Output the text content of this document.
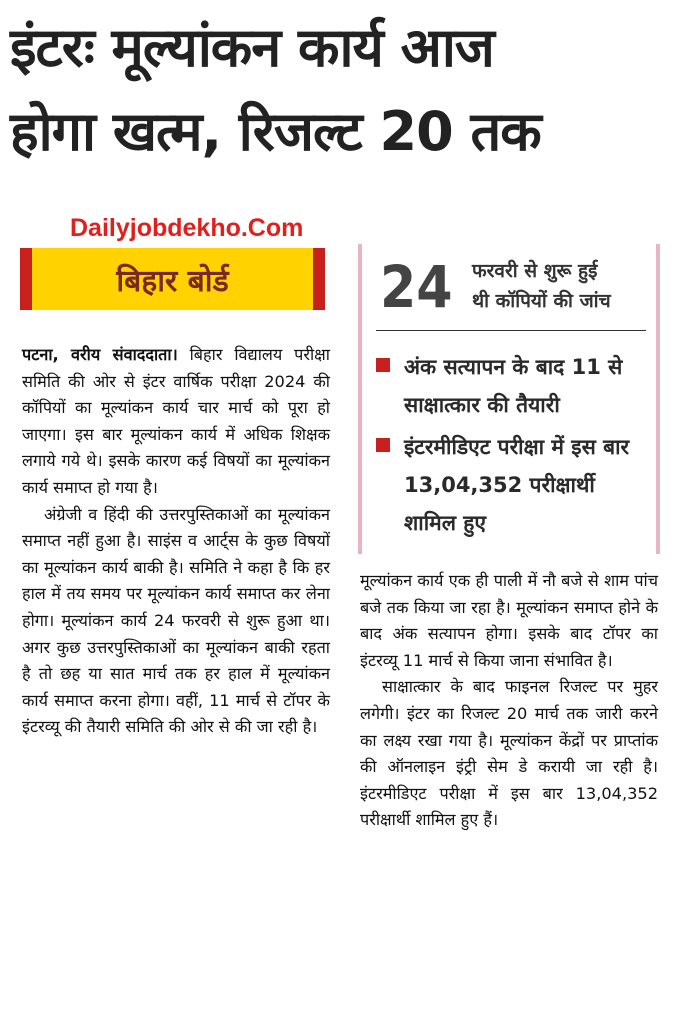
इंटरः मूल्यांकन कार्य आज
होगा खत्म, रिजल्ट 20 तक
Dailyjobdekho.Com
बिहार बोर्ड

पटना, वरीय संवाददाता। बिहार विद्यालय परीक्षा समिति की ओर से इंटर वार्षिक परीक्षा 2024 की कॉपियों का मूल्यांकन कार्य चार मार्च को पूरा हो जाएगा। इस बार मूल्यांकन कार्य में अधिक शिक्षक लगाये गये थे। इसके कारण कई विषयों का मूल्यांकन कार्य समाप्त हो गया है।

अंग्रेजी व हिंदी की उत्तरपुस्तिकाओं का मूल्यांकन समाप्त नहीं हुआ है। साइंस व आर्ट्स के कुछ विषयों का मूल्यांकन कार्य बाकी है। समिति ने कहा है कि हर हाल में तय समय पर मूल्यांकन कार्य समाप्त कर लेना होगा। मूल्यांकन कार्य 24 फरवरी से शुरू हुआ था। अगर कुछ उत्तरपुस्तिकाओं का मूल्यांकन बाकी रहता है तो छह या सात मार्च तक हर हाल में मूल्यांकन कार्य समाप्त करना होगा। वहीं, 11 मार्च से टॉपर के इंटरव्यू की तैयारी समिति की ओर से की जा रही है।

24 फरवरी से शुरू हुई
थी कॉपियों की जांच
अंक सत्यापन के बाद 11 से साक्षात्कार की तैयारी
इंटरमीडिएट परीक्षा में इस बार 13,04,352 परीक्षार्थी शामिल हुए

मूल्यांकन कार्य एक ही पाली में नौ बजे से शाम पांच बजे तक किया जा रहा है। मूल्यांकन समाप्त होने के बाद अंक सत्यापन होगा। इसके बाद टॉपर का इंटरव्यू 11 मार्च से किया जाना संभावित है।

साक्षात्कार के बाद फाइनल रिजल्ट पर मुहर लगेगी। इंटर का रिजल्ट 20 मार्च तक जारी करने का लक्ष्य रखा गया है। मूल्यांकन केंद्रों पर प्राप्तांक की ऑनलाइन इंट्री सेम डे करायी जा रही है। इंटरमीडिएट परीक्षा में इस बार 13,04,352 परीक्षार्थी शामिल हुए हैं।
